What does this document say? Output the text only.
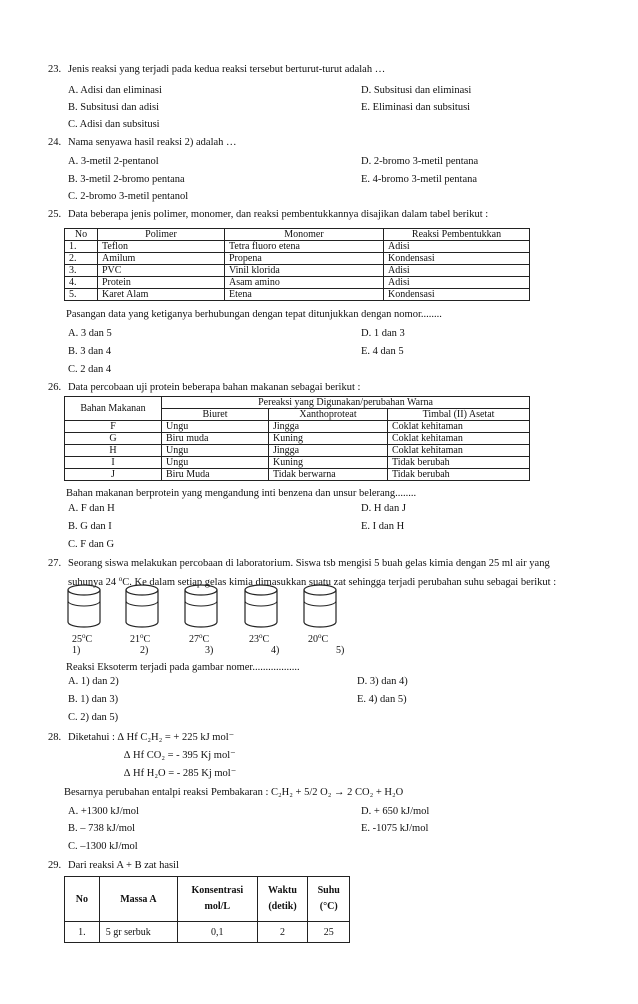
23. Jenis reaksi yang terjadi pada kedua reaksi tersebut berturut-turut adalah …
A. Adisi dan eliminasi	D. Subsitusi dan eliminasi
B. Subsitusi dan adisi	E. Eliminasi dan subsitusi
C. Adisi dan subsitusi
24. Nama senyawa hasil reaksi 2) adalah …
A. 3-metil 2-pentanol	D. 2-bromo 3-metil pentana
B. 3-metil 2-bromo pentana	E. 4-bromo 3-metil pentana
C. 2-bromo 3-metil pentanol
25. Data beberapa jenis polimer, monomer, dan reaksi pembentukkannya disajikan dalam tabel berikut :
No	Polimer	Monomer	Reaksi Pembentukkan
1.	Teflon	Tetra fluoro etena	Adisi
2.	Amilum	Propena	Kondensasi
3.	PVC	Vinil klorida	Adisi
4.	Protein	Asam amino	Adisi
5.	Karet Alam	Etena	Kondensasi
Pasangan data yang ketiganya berhubungan dengan tepat ditunjukkan dengan nomor........
A. 3 dan 5	D. 1 dan 3
B. 3 dan 4	E. 4 dan 5
C. 2 dan 4
26. Data percobaan uji protein beberapa bahan makanan sebagai berikut :
Bahan Makanan	Pereaksi yang Digunakan/perubahan Warna		
	Biuret	Xanthoproteat	Timbal (II) Asetat
F	Ungu	Jingga	Coklat kehitaman
G	Biru muda	Kuning	Coklat kehitaman
H	Ungu	Jingga	Coklat kehitaman
I	Ungu	Kuning	Tidak berubah
J	Biru Muda	Tidak berwarna	Tidak berubah
Bahan makanan berprotein yang mengandung inti benzena dan unsur belerang........
A. F dan H	D. H dan J
B. G dan I	E. I dan H
C. F dan G
27. Seorang siswa melakukan percobaan di laboratorium. Siswa tsb mengisi 5 buah gelas kimia dengan 25 ml air yang
suhunya 24 $^o$C. Ke dalam setiap gelas kimia dimasukkan suatu zat sehingga terjadi perubahan suhu sebagai berikut :
25$^o$C
1)
21$^o$C
2)
27$^o$C
3)
23$^o$C
4)
20$^o$C
5)
Reaksi Eksoterm terjadi pada gambar nomer..................
A. 1) dan 2)	D. 3) dan 4)
B. 1) dan 3)	E. 4) dan 5)
C. 2) dan 5)
28. Diketahui : ∆ Hf C₂H₂ = + 225 kJ mol⁻
∆ Hf CO₂ = - 395 Kj mol⁻
∆ Hf H₂O = - 285 Kj mol⁻
Besarnya perubahan entalpi reaksi Pembakaran : C₂H₂ + 5/2 O₂ → 2 CO₂ + H₂O
A. +1300 kJ/mol	D. + 650 kJ/mol
B. – 738 kJ/mol	E. -1075 kJ/mol
C. –1300 kJ/mol
29. Dari reaksi A + B zat hasil
No	Massa A	Konsentrasi mol/L	Waktu (detik)	Suhu (°C)
1.	5 gr serbuk	0,1	2	25
